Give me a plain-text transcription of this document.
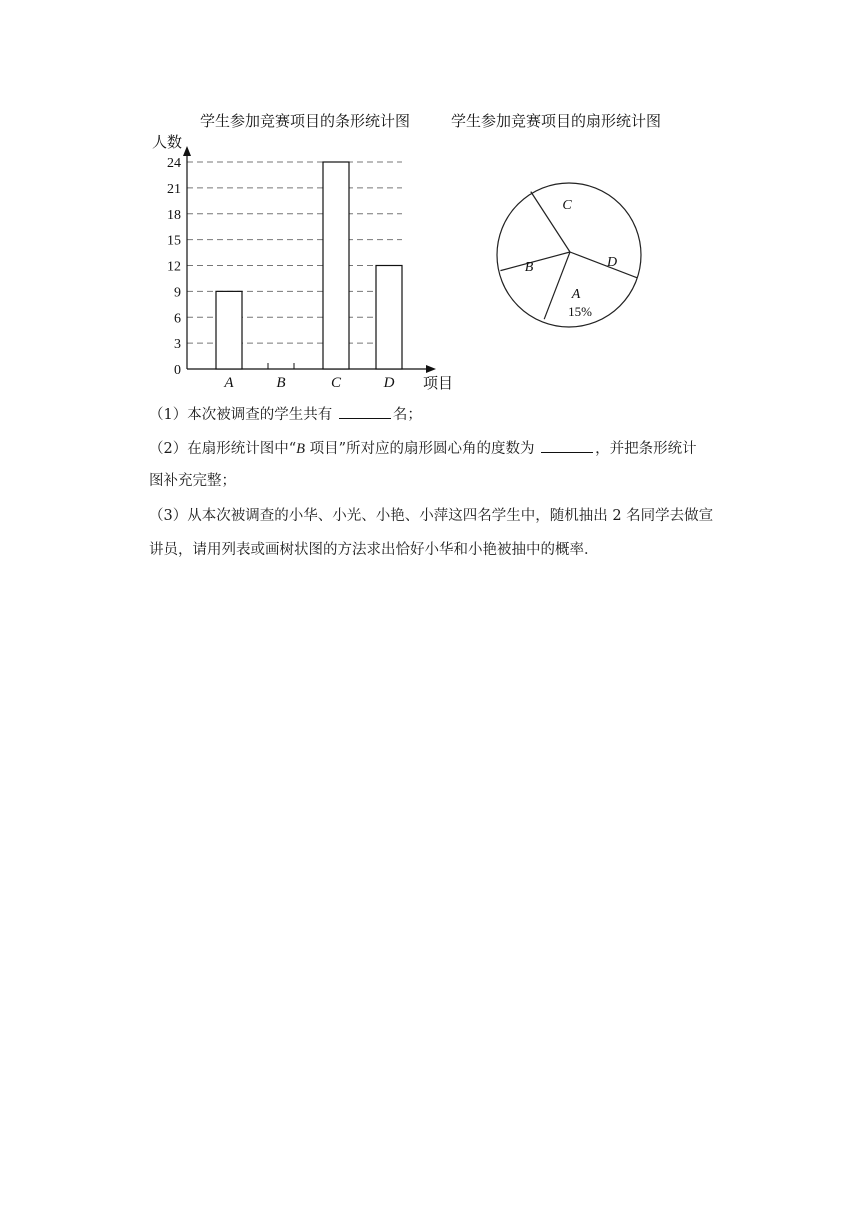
学生参加竞赛项目的条形统计图	学生参加竞赛项目的扇形统计图
0
3
6
9
12
15
18
21
24
人数
项目
A	B	C	D
A
B
C
D
15%
（1）本次被调查的学生共有	名；
（2）在扇形统计图中“B 项目”所对应的扇形圆心角的度数为	，并把条形统计
图补充完整；
（3）从本次被调查的小华、小光、小艳、小萍这四名学生中，随机抽出 2 名同学去做宣
讲员，请用列表或画树状图的方法求出恰好小华和小艳被抽中的概率．
